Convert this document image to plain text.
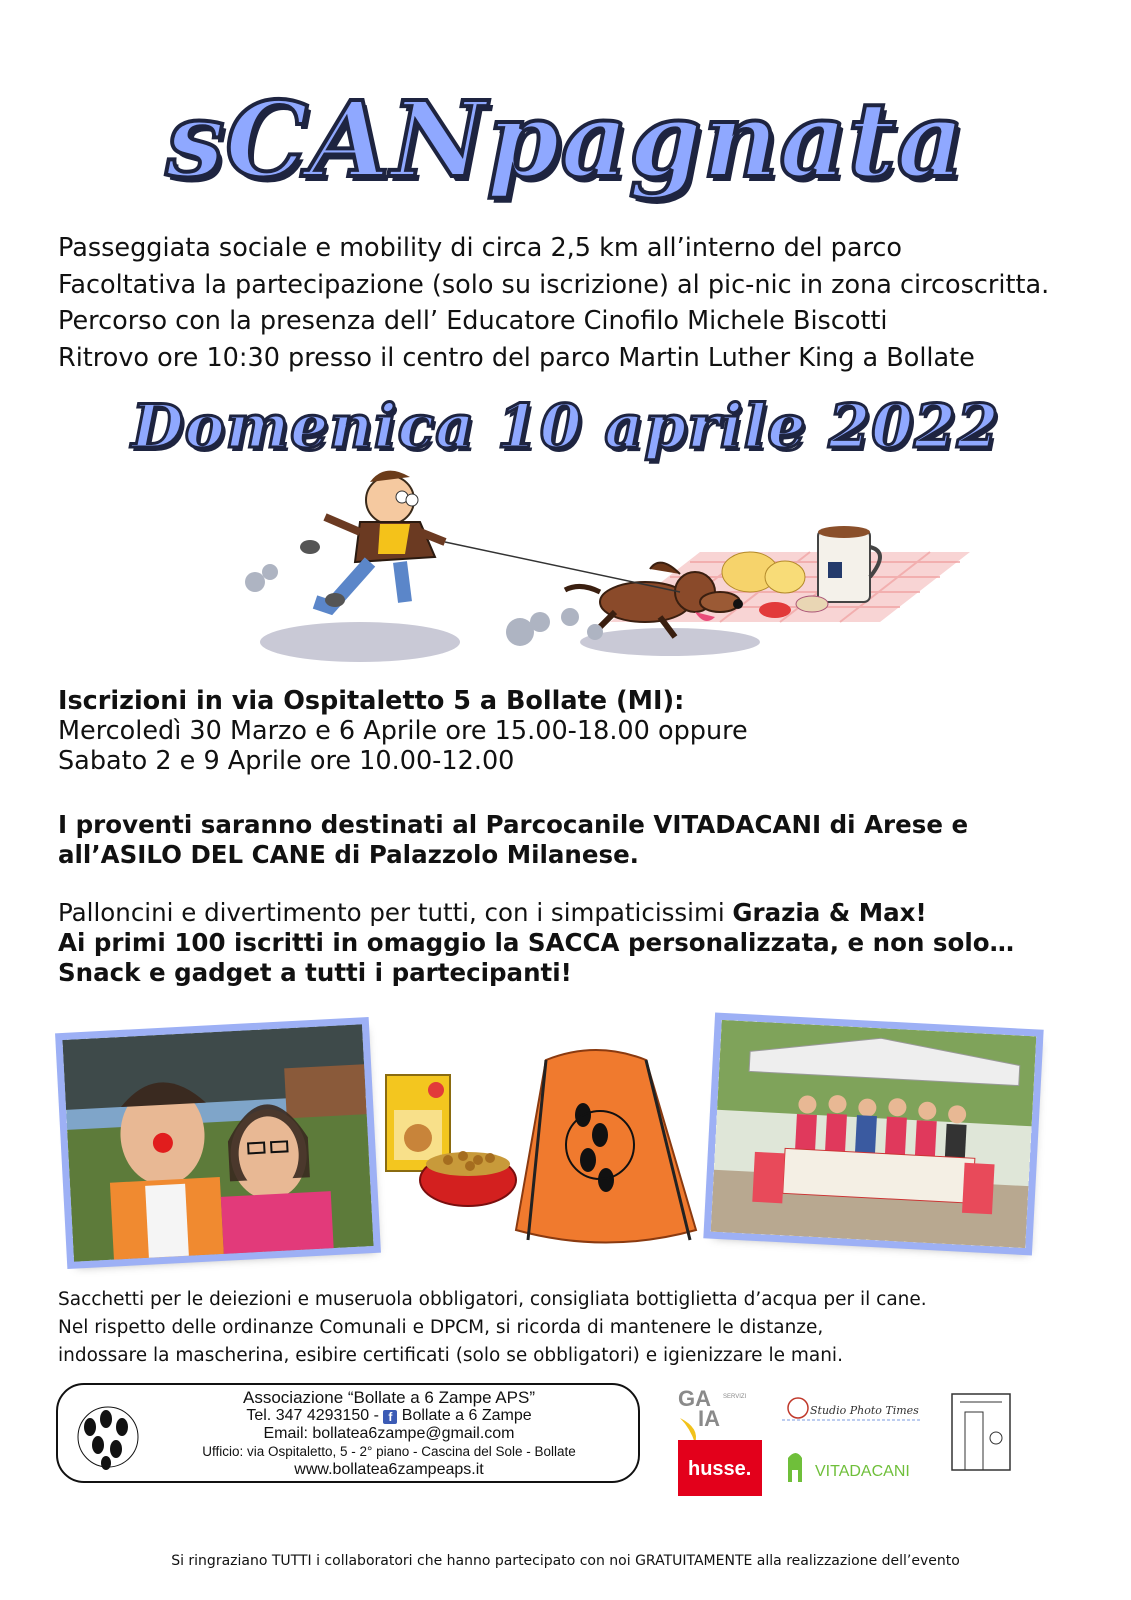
sCANpagnata

Passeggiata sociale e mobility di circa 2,5 km all’interno del parco

Facoltativa la partecipazione (solo su iscrizione) al pic-nic in zona circoscritta.

Percorso con la presenza dell’ Educatore Cinofilo Michele Biscotti

Ritrovo ore 10:30 presso il centro del parco Martin Luther King a Bollate

Domenica 10 aprile 2022

Iscrizioni in via Ospitaletto 5 a Bollate (MI):

Mercoledì 30 Marzo e 6 Aprile ore 15.00-18.00 oppure

Sabato 2 e 9 Aprile ore 10.00-12.00

I proventi saranno destinati al Parcocanile VITADACANI di Arese e

all’ASILO DEL CANE di Palazzolo Milanese.

Palloncini e divertimento per tutti, con i simpaticissimi Grazia & Max!

Ai primi 100 iscritti in omaggio la SACCA personalizzata, e non solo…

Snack e gadget a tutti i partecipanti!

Sacchetti per le deiezioni e museruola obbligatori, consigliata bottiglietta d’acqua per il cane.

Nel rispetto delle ordinanze Comunali e DPCM, si ricorda di mantenere le distanze,

indossare la mascherina, esibire certificati (solo se obbligatori) e igienizzare le mani.

Associazione “Bollate a 6 Zampe APS”
Tel. 347 4293150 - f Bollate a 6 Zampe
Email: bollatea6zampe@gmail.com
Ufficio: via Ospitaletto, 5 - 2° piano - Cascina del Sole - Bollate
www.bollatea6zampeaps.it
GA
IA
SERVIZI
Studio Photo Times
husse.	VITADACANI
Si ringraziano TUTTI i collaboratori che hanno partecipato con noi GRATUITAMENTE alla realizzazione dell’evento
